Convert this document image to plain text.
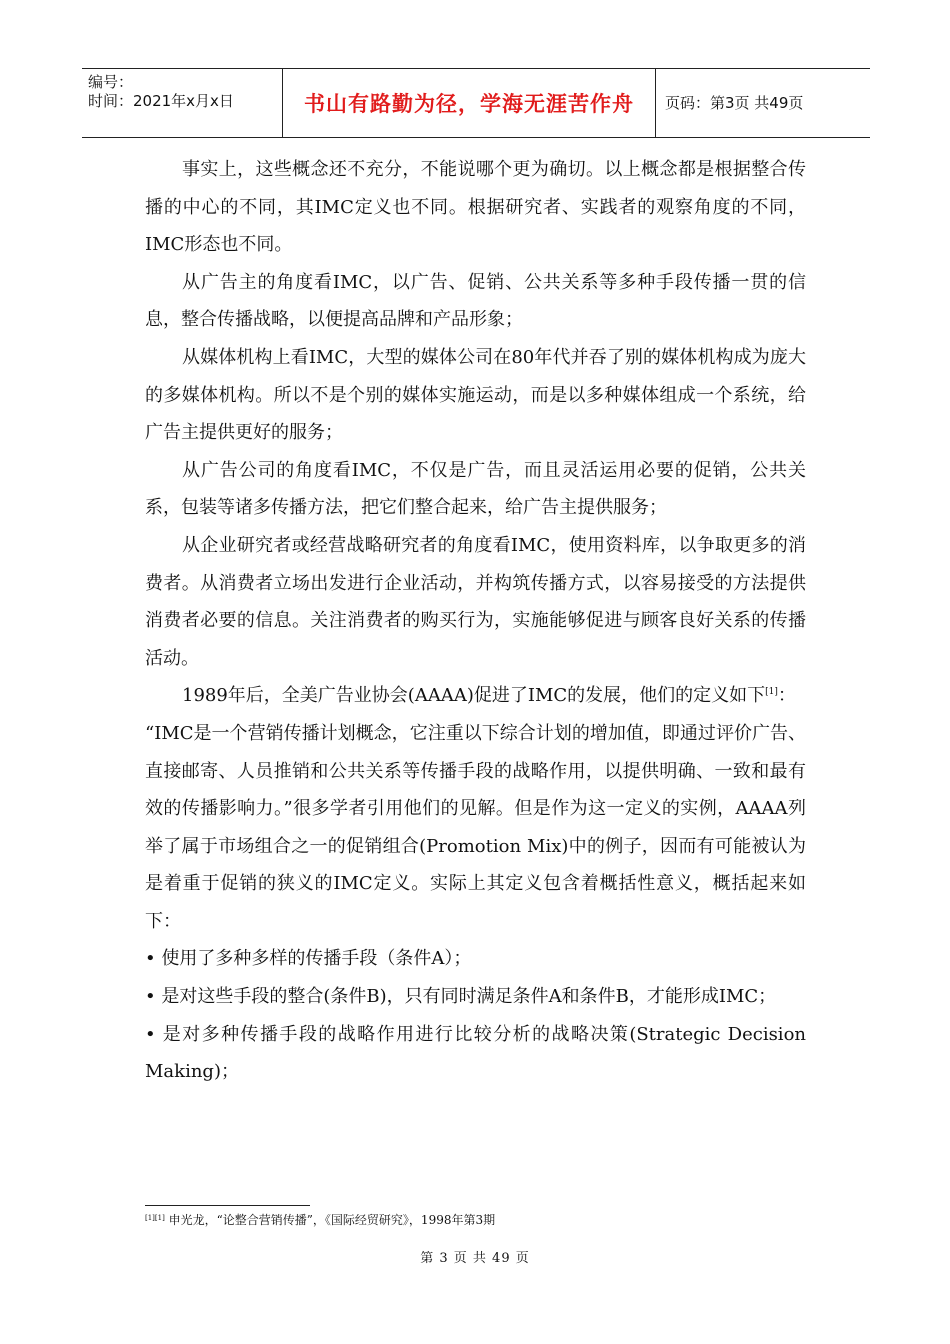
编号：
时间：2021年x月x日	书山有路勤为径，学海无涯苦作舟 页码：第3页 共49页

事实上，这些概念还不充分，不能说哪个更为确切。以上概念都是根据整合传播的中心的不同，其IMC定义也不同。根据研究者、实践者的观察角度的不同，IMC形态也不同。

从广告主的角度看IMC，以广告、促销、公共关系等多种手段传播一贯的信息，整合传播战略，以便提高品牌和产品形象；

从媒体机构上看IMC，大型的媒体公司在80年代并吞了别的媒体机构成为庞大的多媒体机构。所以不是个别的媒体实施运动，而是以多种媒体组成一个系统，给广告主提供更好的服务；

从广告公司的角度看IMC，不仅是广告，而且灵活运用必要的促销，公共关系，包装等诸多传播方法，把它们整合起来，给广告主提供服务；

从企业研究者或经营战略研究者的角度看IMC，使用资料库，以争取更多的消费者。从消费者立场出发进行企业活动，并构筑传播方式，以容易接受的方法提供消费者必要的信息。关注消费者的购买行为，实施能够促进与顾客良好关系的传播活动。

1989年后，全美广告业协会(AAAA)促进了IMC的发展，他们的定义如下[1]：

“IMC是一个营销传播计划概念，它注重以下综合计划的增加值，即通过评价广告、直接邮寄、人员推销和公共关系等传播手段的战略作用，以提供明确、一致和最有效的传播影响力。”很多学者引用他们的见解。但是作为这一定义的实例，AAAA列举了属于市场组合之一的促销组合(Promotion Mix)中的例子，因而有可能被认为是着重于促销的狭义的IMC定义。实际上其定义包含着概括性意义，概括起来如下：

• 使用了多种多样的传播手段（条件A）；

• 是对这些手段的整合(条件B)，只有同时满足条件A和条件B，才能形成IMC；

• 是对多种传播手段的战略作用进行比较分析的战略决策(Strategic Decision Making)；

[1][1] 申光龙，“论整合营销传播”，《国际经贸研究》，1998年第3期
第 3 页 共 49 页
